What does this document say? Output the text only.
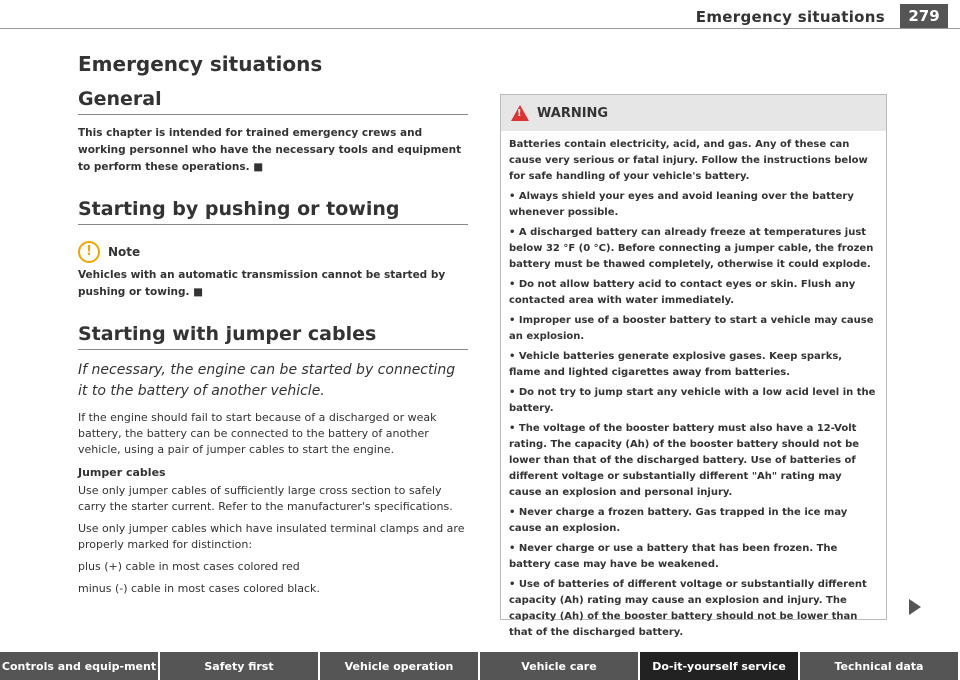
Emergency situations	279
Emergency situations
General

This chapter is intended for trained emergency crews and working personnel who have the necessary tools and equipment to perform these operations. ■

Starting by pushing or towing
!	Note

Vehicles with an automatic transmission cannot be started by pushing or towing. ■

Starting with jumper cables

If necessary, the engine can be started by connecting it to the battery of another vehicle.

If the engine should fail to start because of a discharged or weak battery, the battery can be connected to the battery of another vehicle, using a pair of jumper cables to start the engine.

Jumper cables

Use only jumper cables of sufficiently large cross section to safely carry the starter current. Refer to the manufacturer's specifications.

Use only jumper cables which have insulated terminal clamps and are properly marked for distinction:

plus (+) cable in most cases colored red

minus (-) cable in most cases colored black.

! WARNING

Batteries contain electricity, acid, and gas. Any of these can cause very serious or fatal injury. Follow the instructions below for safe handling of your vehicle's battery.

• Always shield your eyes and avoid leaning over the battery whenever possible.

• A discharged battery can already freeze at temperatures just below 32 °F (0 °C). Before connecting a jumper cable, the frozen battery must be thawed completely, otherwise it could explode.

• Do not allow battery acid to contact eyes or skin. Flush any contacted area with water immediately.

• Improper use of a booster battery to start a vehicle may cause an explosion.

• Vehicle batteries generate explosive gases. Keep sparks, flame and lighted cigarettes away from batteries.

• Do not try to jump start any vehicle with a low acid level in the battery.

• The voltage of the booster battery must also have a 12-Volt rating. The capacity (Ah) of the booster battery should not be lower than that of the discharged battery. Use of batteries of different voltage or substantially different "Ah" rating may cause an explosion and personal injury.

• Never charge a frozen battery. Gas trapped in the ice may cause an explosion.

• Never charge or use a battery that has been frozen. The battery case may have be weakened.

• Use of batteries of different voltage or substantially different capacity (Ah) rating may cause an explosion and injury. The capacity (Ah) of the booster battery should not be lower than that of the discharged battery.

Controls and equip-ment	Safety first	Vehicle operation	Vehicle care	Do-it-yourself service	Technical data
